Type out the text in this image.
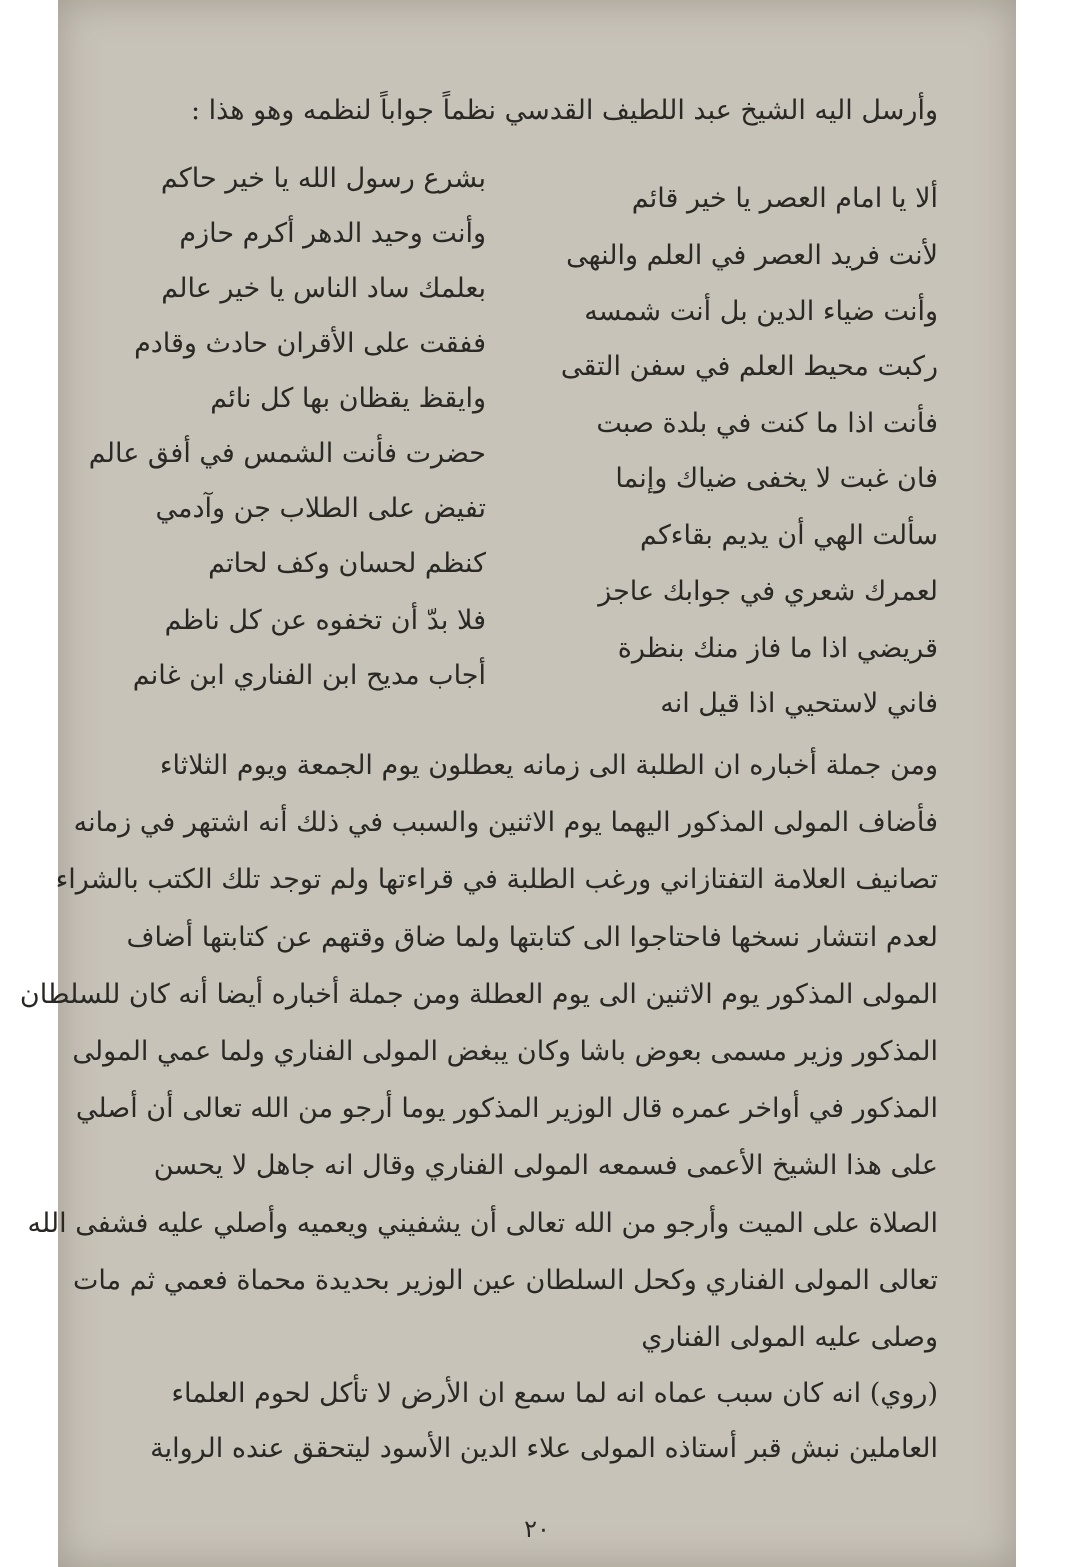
وأرسل اليه الشيخ عبد اللطيف القدسي نظماً جواباً لنظمه وهو هذا :
ألا يا امام العصر يا خير قائم
بشرع رسول الله يا خير حاكم
لأنت فريد العصر في العلم والنهى
وأنت وحيد الدهر أكرم حازم
وأنت ضياء الدين بل أنت شمسه
بعلمك ساد الناس يا خير عالم
ركبت محيط العلم في سفن التقى
ففقت على الأقران حادث وقادم
فأنت اذا ما كنت في بلدة صبت
وايقظ يقظان بها كل نائم
فان غبت لا يخفى ضياك وإنما
حضرت فأنت الشمس في أفق عالم
سألت الهي أن يديم بقاءكم
تفيض على الطلاب جن وآدمي
لعمرك شعري في جوابك عاجز
كنظم لحسان وكف لحاتم
قريضي اذا ما فاز منك بنظرة
فلا بدّ أن تخفوه عن كل ناظم
فاني لاستحيي اذا قيل انه
أجاب مديح ابن الفناري ابن غانم
ومن جملة أخباره ان الطلبة الى زمانه يعطلون يوم الجمعة ويوم الثلاثاء
فأضاف المولى المذكور اليهما يوم الاثنين والسبب في ذلك أنه اشتهر في زمانه
تصانيف العلامة التفتازاني ورغب الطلبة في قراءتها ولم توجد تلك الكتب بالشراء
لعدم انتشار نسخها فاحتاجوا الى كتابتها ولما ضاق وقتهم عن كتابتها أضاف
المولى المذكور يوم الاثنين الى يوم العطلة ومن جملة أخباره أيضا أنه كان للسلطان
المذكور وزير مسمى بعوض باشا وكان يبغض المولى الفناري ولما عمي المولى
المذكور في أواخر عمره قال الوزير المذكور يوما أرجو من الله تعالى أن أصلي
على هذا الشيخ الأعمى فسمعه المولى الفناري وقال انه جاهل لا يحسن
الصلاة على الميت وأرجو من الله تعالى أن يشفيني ويعميه وأصلي عليه فشفى الله
تعالى المولى الفناري وكحل السلطان عين الوزير بحديدة محماة فعمي ثم مات
وصلى عليه المولى الفناري
(روي) انه كان سبب عماه انه لما سمع ان الأرض لا تأكل لحوم العلماء
العاملين نبش قبر أستاذه المولى علاء الدين الأسود ليتحقق عنده الرواية
٢٠
